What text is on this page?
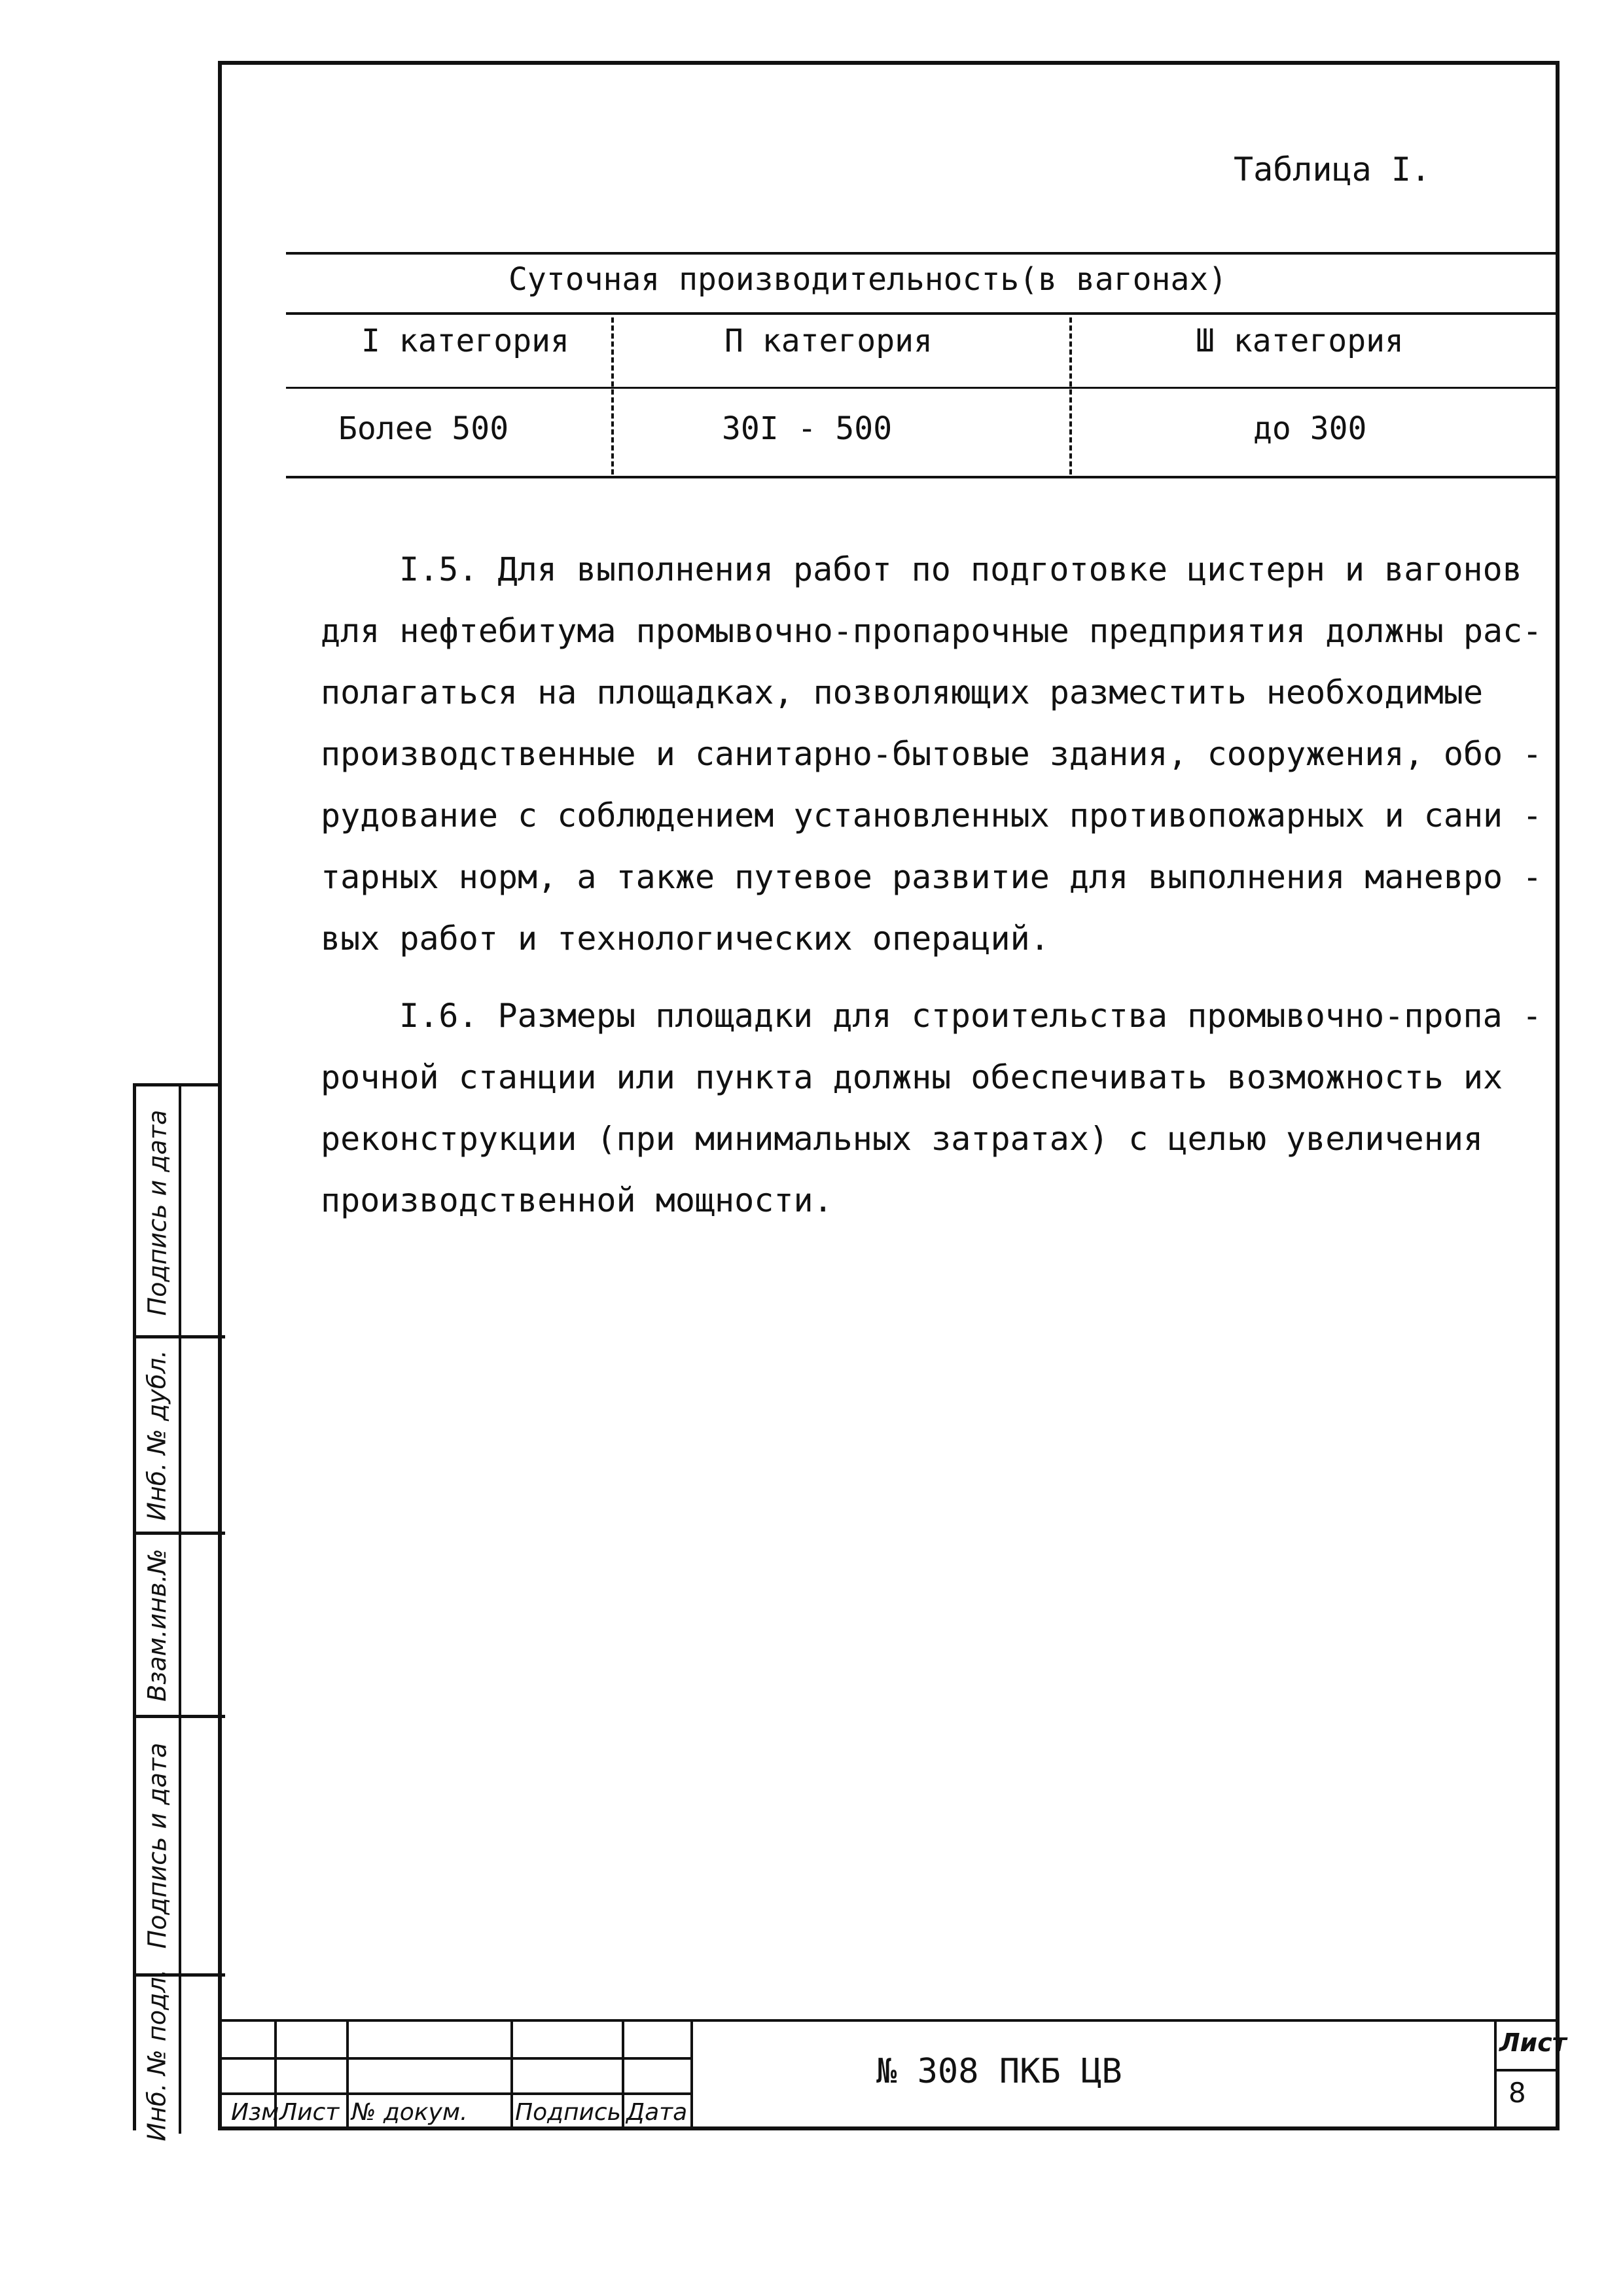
Таблица I.
Суточная производительность(в вагонах)
I категория	П категория	Ш категория
Более 500	30I - 500	до 300
I.5. Для выполнения работ по подготовке цистерн и вагонов
для нефтебитума промывочно-пропарочные предприятия должны рас-
полагаться на площадках, позволяющих разместить необходимые
производственные и санитарно-бытовые здания, сооружения, обо -
рудование с соблюдением установленных противопожарных и сани -
тарных норм, а также путевое развитие для выполнения маневро -
вых работ и технологических операций.
I.6. Размеры площадки для строительства промывочно-пропа -
рочной станции или пункта должны обеспечивать возможность их
реконструкции (при минимальных затратах) с целью увеличения
производственной мощности.
Подпись и дата
Инб. № дубл.
Взам.инв.№
Подпись и дата
Инб. № подл.	Изм Лист № докум. Подпись Дата
№ 308 ПКБ ЦВ
Лист
8
